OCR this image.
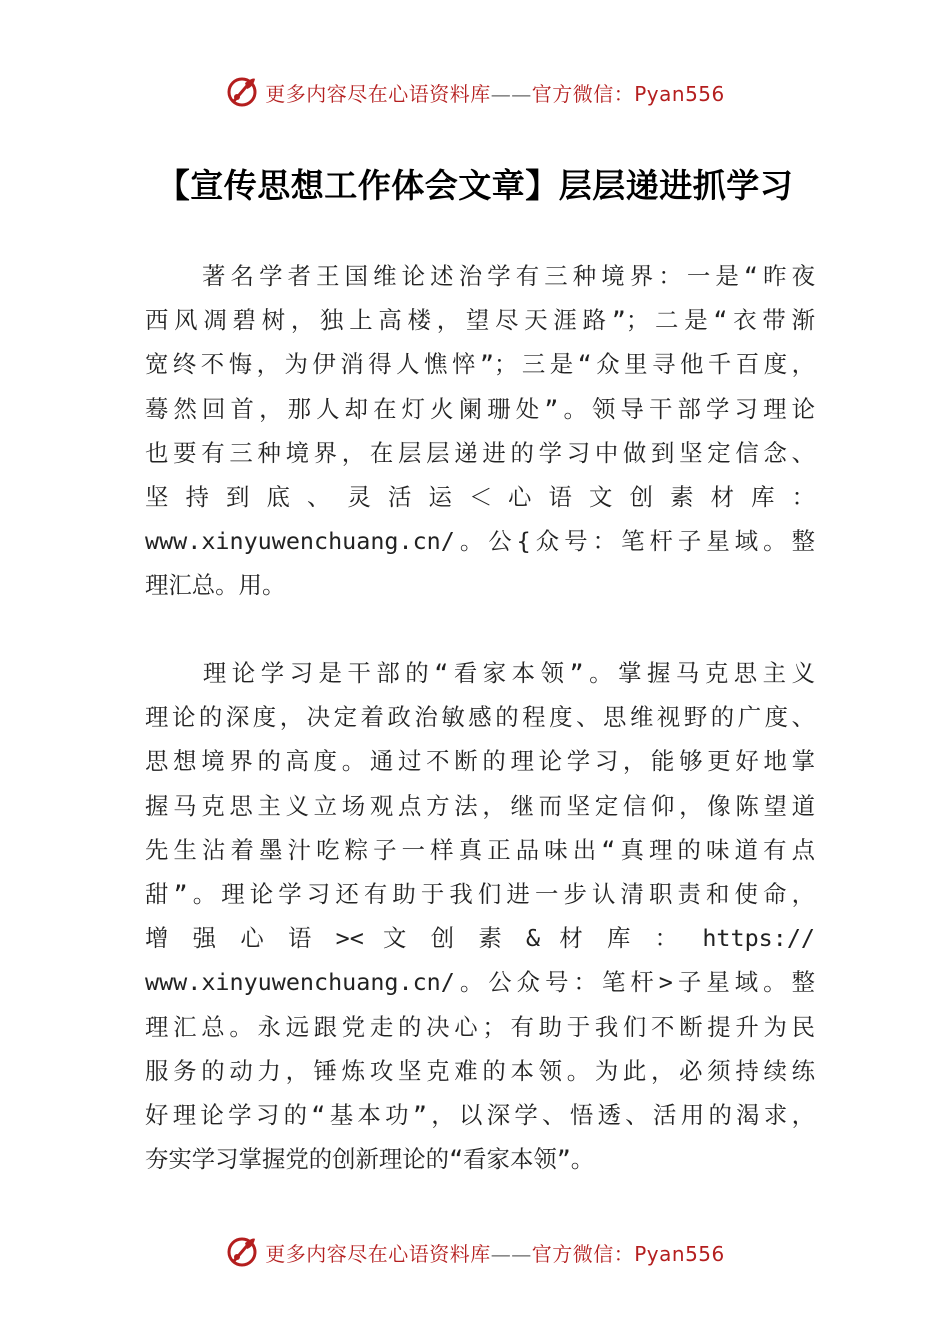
更多内容尽在心语资料库——官方微信：Pyan556
【宣传思想工作体会文章】层层递进抓学习
　　著名学者王国维论述治学有三种境界：一是“昨夜
西风凋碧树，独上高楼，望尽天涯路”；二是“衣带渐
宽终不悔，为伊消得人憔悴”；三是“众里寻他千百度，
蓦然回首，那人却在灯火阑珊处”。领导干部学习理论
也要有三种境界，在层层递进的学习中做到坚定信念、
坚 持 到 底 、 灵 活 运 ＜ 心 语 文 创 素 材 库 ：
www.xinyuwenchuang.cn/。公{众号：笔杆子星域。整
理汇总。用。
　　理论学习是干部的“看家本领”。掌握马克思主义
理论的深度，决定着政治敏感的程度、思维视野的广度、
思想境界的高度。通过不断的理论学习，能够更好地掌
握马克思主义立场观点方法，继而坚定信仰，像陈望道
先生沾着墨汁吃粽子一样真正品味出“真理的味道有点
甜”。理论学习还有助于我们进一步认清职责和使命，
增 强 心 语 >< 文 创 素 & 材 库 ： https://
www.xinyuwenchuang.cn/。公众号：笔杆>子星域。整
理汇总。永远跟党走的决心；有助于我们不断提升为民
服务的动力，锤炼攻坚克难的本领。为此，必须持续练
好理论学习的“基本功”，以深学、悟透、活用的渴求，
夯实学习掌握党的创新理论的“看家本领”。
更多内容尽在心语资料库——官方微信：Pyan556
